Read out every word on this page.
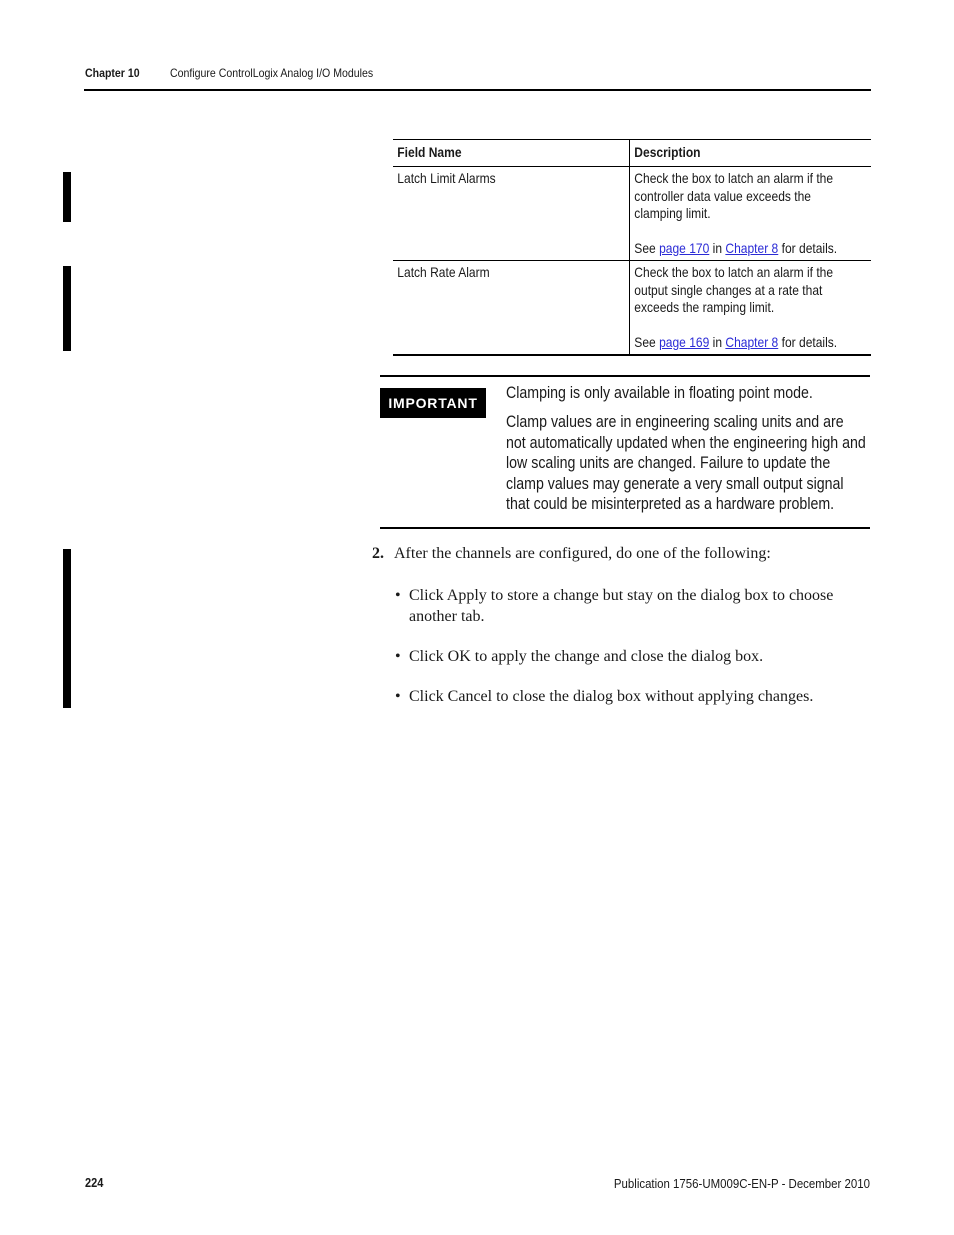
Chapter 10	Configure ControlLogix Analog I/O Modules
Field Name	Description

Latch Limit Alarms	Check the box to latch an alarm if the
controller data value exceeds the
clamping limit.
See page 170 in Chapter 8 for details.

Latch Rate Alarm	Check the box to latch an alarm if the
output single changes at a rate that
exceeds the ramping limit.
See page 169 in Chapter 8 for details.
IMPORTANT

Clamping is only available in floating point mode.

Clamp values are in engineering scaling units and are not automatically updated when the engineering high and low scaling units are changed. Failure to update the clamp values may generate a very small output signal that could be misinterpreted as a hardware problem.

2. After the channels are configured, do one of the following:
• Click Apply to store a change but stay on the dialog box to choose another tab.
• Click OK to apply the change and close the dialog box.
• Click Cancel to close the dialog box without applying changes.
224	Publication 1756-UM009C-EN-P - December 2010
